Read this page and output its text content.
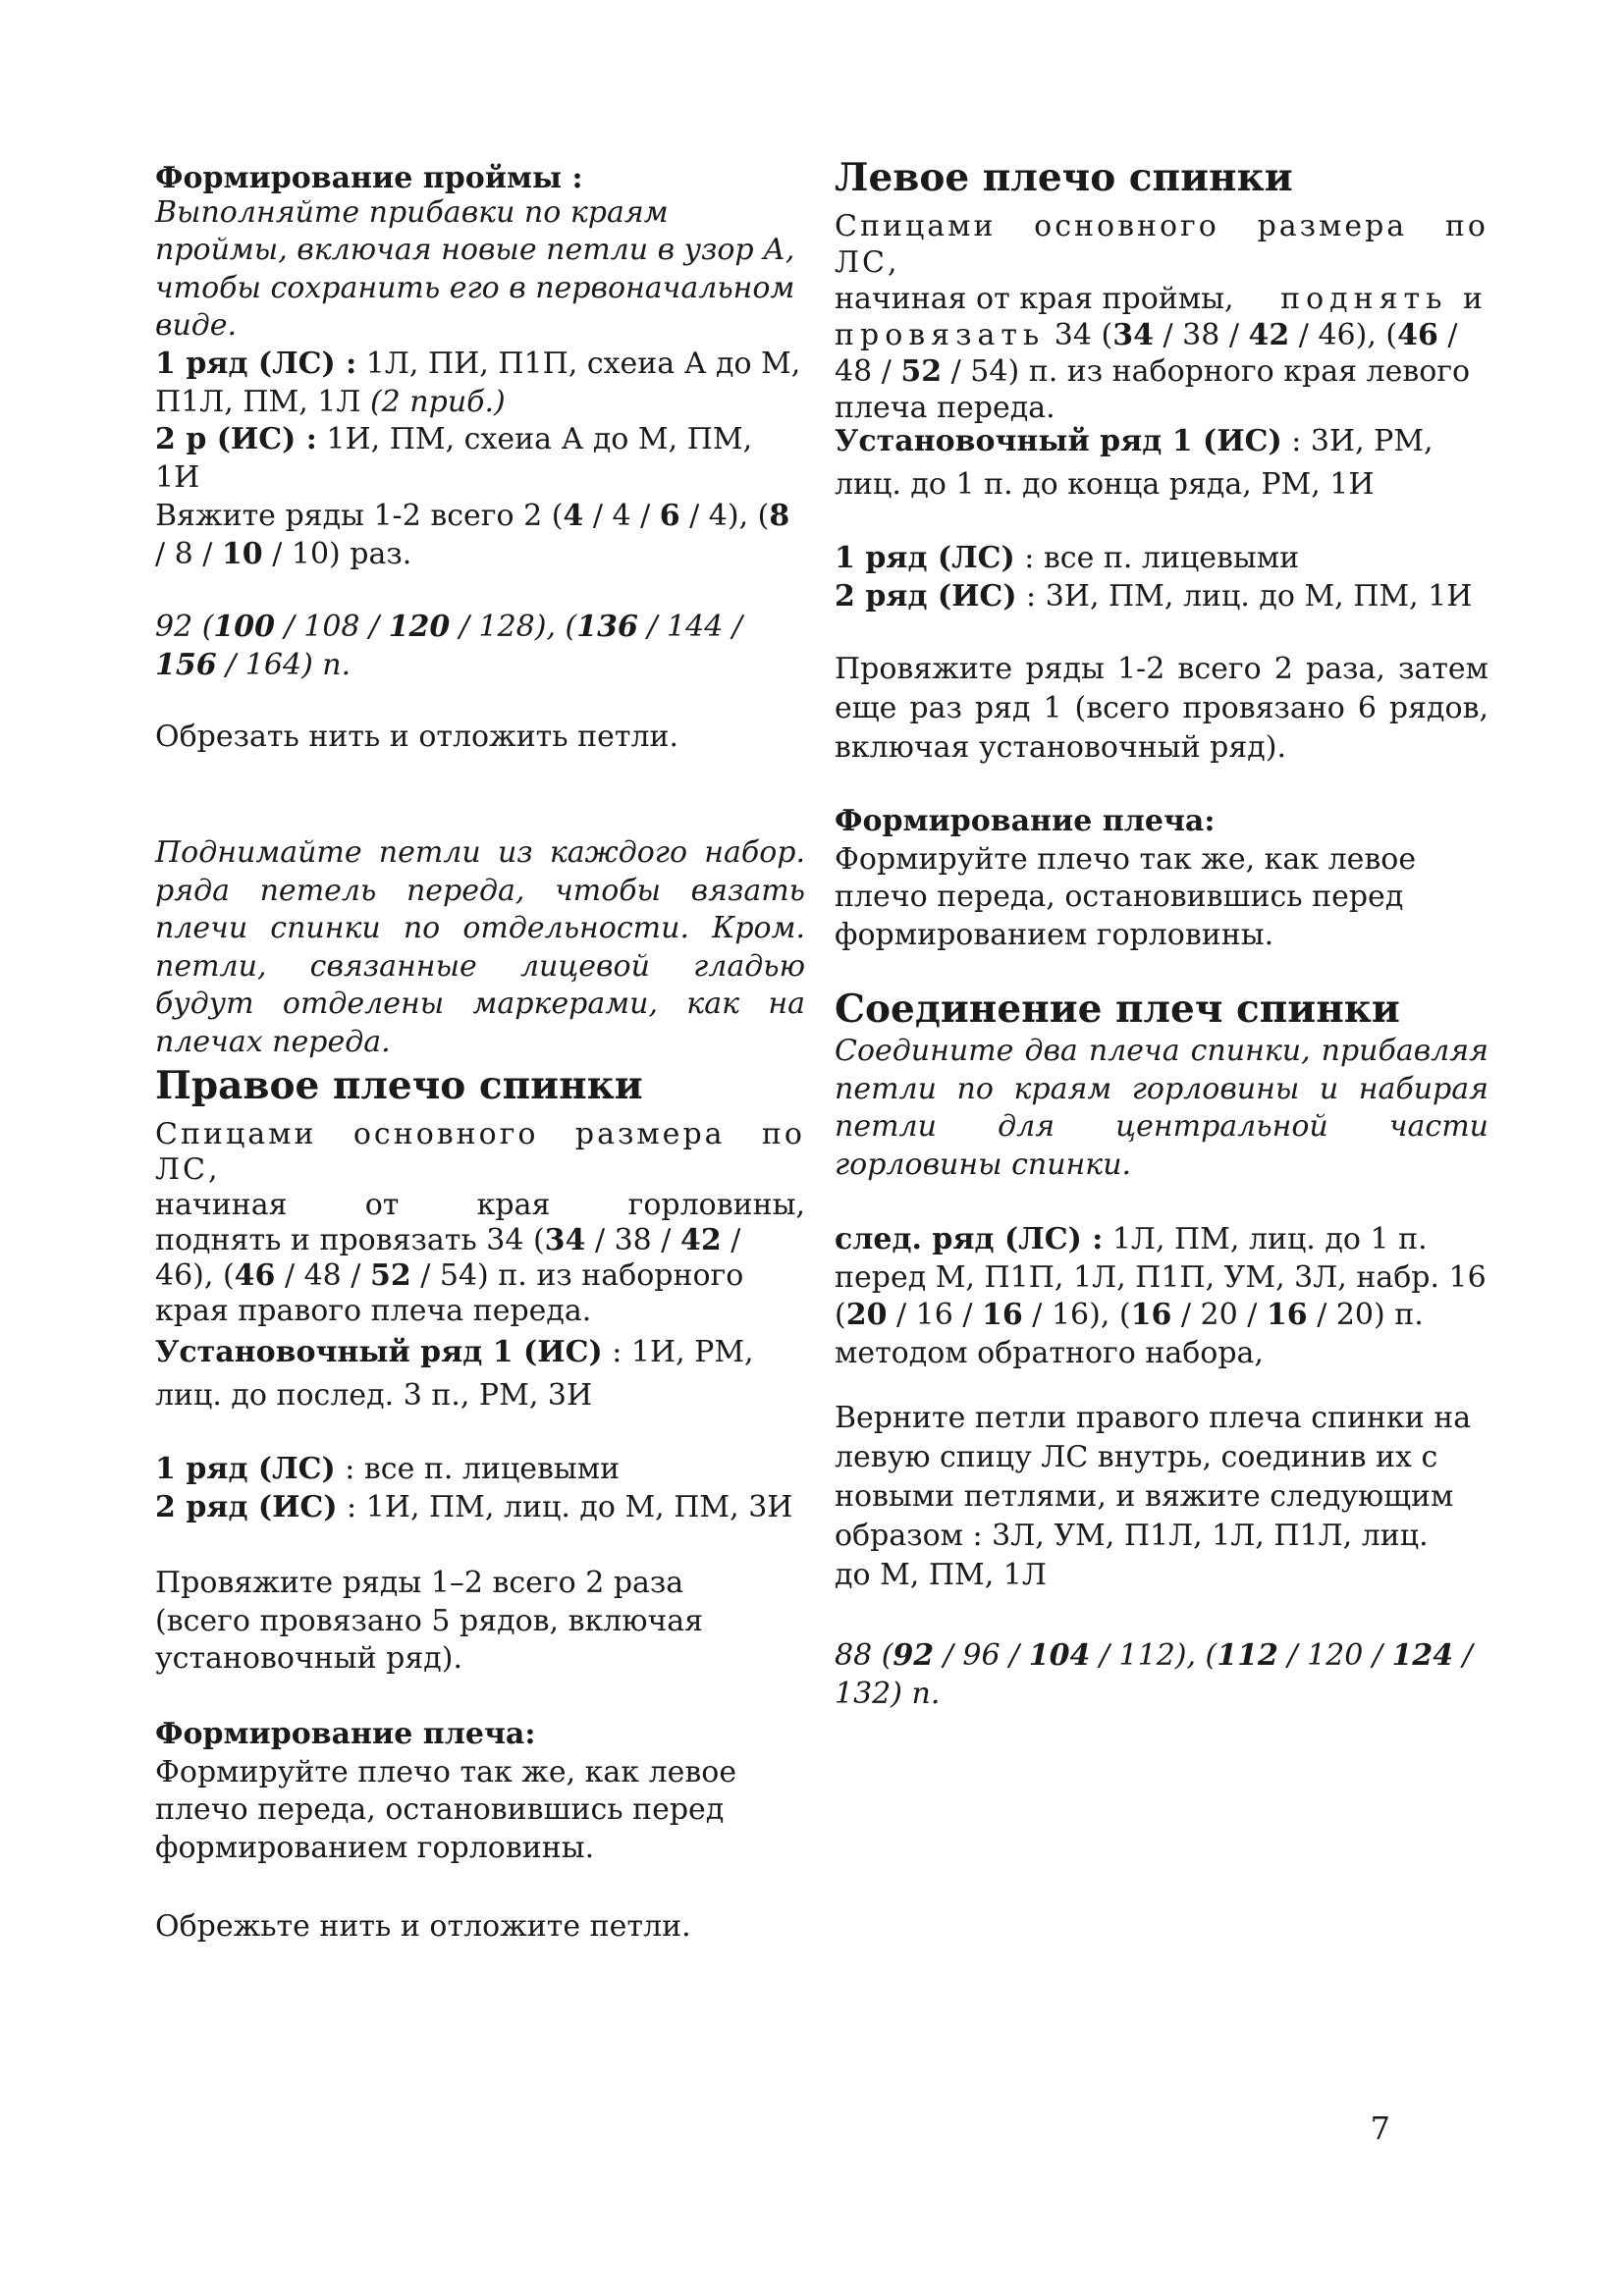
Формирование проймы :

Выполняйте прибавки по краям проймы, включая новые петли в узор А, чтобы сохранить его в первоначальном виде.

1 ряд (ЛС) : 1Л, ПИ, П1П, схеиа А до М, П1Л, ПМ, 1Л (2 приб.)

2 р (ИС) : 1И, ПМ, схеиа А до М, ПМ, 1И

Вяжите ряды 1-2 всего 2 (4 / 4 / 6 / 4), (8 / 8 / 10 / 10) раз.

92 (100 / 108 / 120 / 128), (136 / 144 / 156 / 164) п.

Обрезать нить и отложить петли.

Поднимайте петли из каждого набор. ряда петель переда, чтобы вязать плечи спинки по отдельности. Кром. петли, связанные лицевой гладью будут отделены маркерами, как на плечах переда.

Правое плечо спинки

Спицами основного размера по ЛС,

начиная от края горловины,

поднять и провязать 34 (34 / 38 / 42 / 46), (46 / 48 / 52 / 54) п. из наборного края правого плеча переда.

Установочный ряд 1 (ИС) : 1И, РМ, лиц. до послед. 3 п., РМ, 3И

1 ряд (ЛС) : все п. лицевыми

2 ряд (ИС) : 1И, ПМ, лиц. до М, ПМ, 3И

Провяжите ряды 1–2 всего 2 раза (всего провязано 5 рядов, включая установочный ряд).

Формирование плеча:

Формируйте плечо так же, как левое плечо переда, остановившись перед формированием горловины.

Обрежьте нить и отложите петли.

Левое плечо спинки

Спицами основного размера по ЛС,

начиная от края проймы, поднять и

провязать 34 (34 / 38 / 42 / 46), (46 / 48 / 52 / 54) п. из наборного края левого плеча переда.

Установочный ряд 1 (ИС) : 3И, РМ, лиц. до 1 п. до конца ряда, РМ, 1И

1 ряд (ЛС) : все п. лицевыми

2 ряд (ИС) : 3И, ПМ, лиц. до М, ПМ, 1И

Провяжите ряды 1-2 всего 2 раза, затем еще раз ряд 1 (всего провязано 6 рядов, включая установочный ряд).

Формирование плеча:

Формируйте плечо так же, как левое плечо переда, остановившись перед формированием горловины.

Соединение плеч спинки

Соедините два плеча спинки, прибавляя петли по краям горловины и набирая петли для центральной части горловины спинки.

след. ряд (ЛС) : 1Л, ПМ, лиц. до 1 п. перед М, П1П, 1Л, П1П, УМ, 3Л, набр. 16 (20 / 16 / 16 / 16), (16 / 20 / 16 / 20) п. методом обратного набора,

Верните петли правого плеча спинки на левую спицу ЛС внутрь, соединив их с новыми петлями, и вяжите следующим образом : 3Л, УМ, П1Л, 1Л, П1Л, лиц. до М, ПМ, 1Л

88 (92 / 96 / 104 / 112), (112 / 120 / 124 / 132) п.

7
